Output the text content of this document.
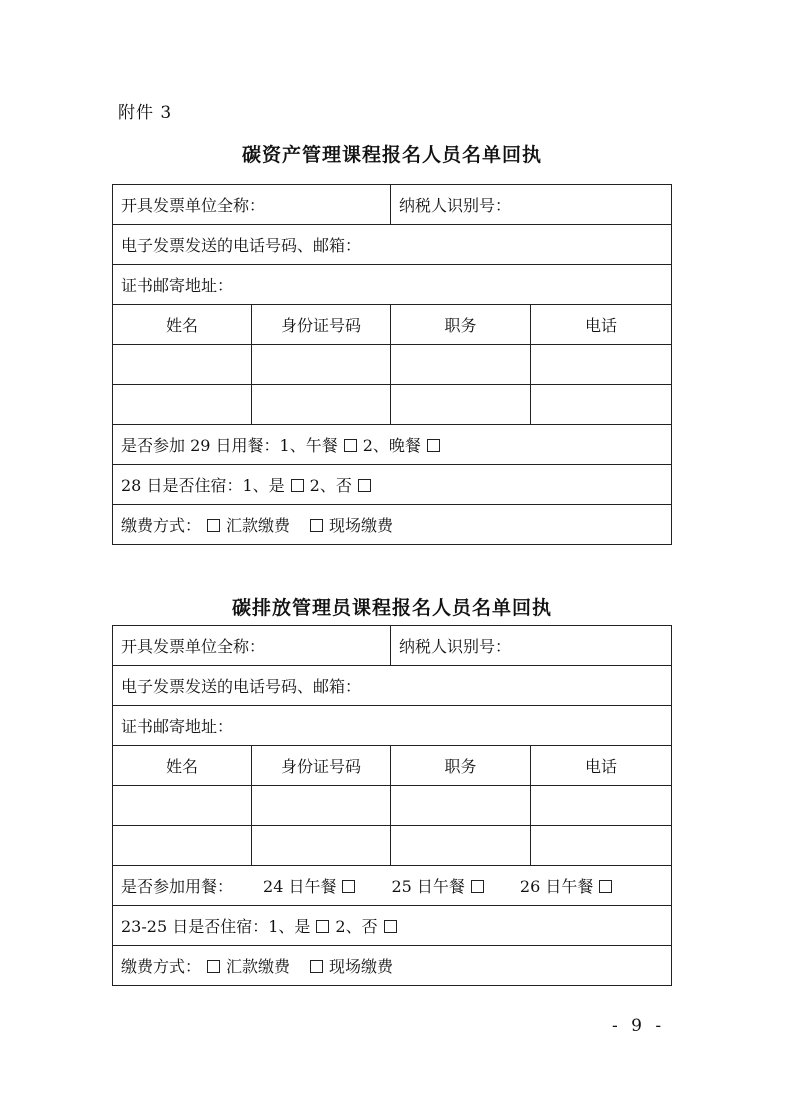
附件 3
碳资产管理课程报名人员名单回执
开具发票单位全称：		纳税人识别号：	
电子发票发送的电话号码、邮箱：			
证书邮寄地址：			
姓名	身份证号码	职务	电话

是否参加 29 日用餐：1、午餐 2、晚餐			
28 日是否住宿：1、是 2、否			
缴费方式： 汇款缴费 现场缴费			
碳排放管理员课程报名人员名单回执
开具发票单位全称：		纳税人识别号：	
电子发票发送的电话号码、邮箱：			
证书邮寄地址：			
姓名	身份证号码	职务	电话

是否参加用餐： 24 日午餐 25 日午餐 26 日午餐			
23-25 日是否住宿：1、是 2、否			
缴费方式： 汇款缴费 现场缴费			
- 9 -
